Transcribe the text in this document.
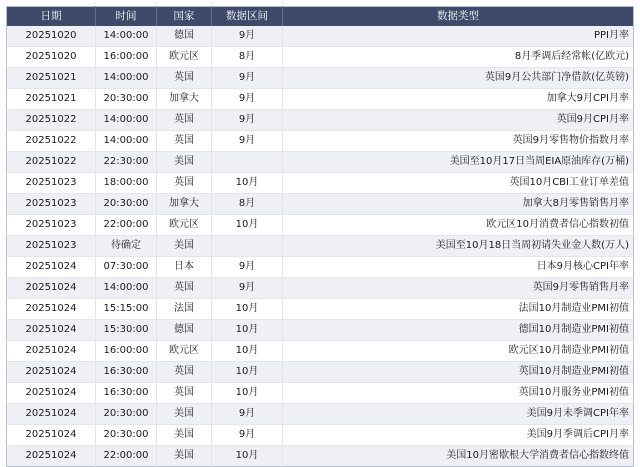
日期	时间	国家	数据区间	数据类型
20251020	14:00:00	德国	9月	PPI月率
20251020	16:00:00	欧元区	8月	8月季调后经常帐(亿欧元)
20251021	14:00:00	英国	9月	英国9月公共部门净借款(亿英镑)
20251021	20:30:00	加拿大	9月	加拿大9月CPI月率
20251022	14:00:00	英国	9月	英国9月CPI月率
20251022	14:00:00	英国	9月	英国9月零售物价指数月率
20251022	22:30:00	美国		美国至10月17日当周EIA原油库存(万桶)
20251023	18:00:00	英国	10月	英国10月CBI工业订单差值
20251023	20:30:00	加拿大	8月	加拿大8月零售销售月率
20251023	22:00:00	欧元区	10月	欧元区10月消费者信心指数初值
20251023	待确定	美国		美国至10月18日当周初请失业金人数(万人)
20251024	07:30:00	日本	9月	日本9月核心CPI年率
20251024	14:00:00	英国	9月	英国9月零售销售月率
20251024	15:15:00	法国	10月	法国10月制造业PMI初值
20251024	15:30:00	德国	10月	德国10月制造业PMI初值
20251024	16:00:00	欧元区	10月	欧元区10月制造业PMI初值
20251024	16:30:00	英国	10月	英国10月制造业PMI初值
20251024	16:30:00	英国	10月	英国10月服务业PMI初值
20251024	20:30:00	美国	9月	美国9月未季调CPI年率
20251024	20:30:00	美国	9月	美国9月季调后CPI月率
20251024	22:00:00	美国	10月	美国10月密歇根大学消费者信心指数终值
